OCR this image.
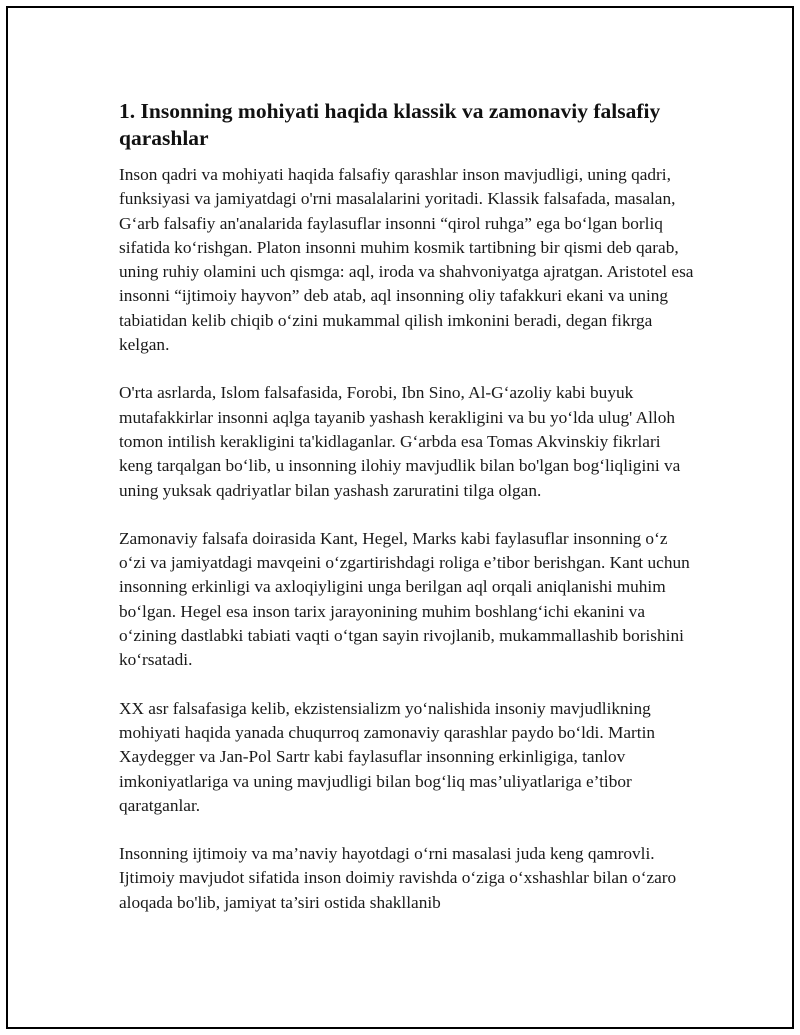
1. Insonning mohiyati haqida klassik va zamonaviy falsafiy qarashlar

Inson qadri va mohiyati haqida falsafiy qarashlar inson mavjudligi, uning qadri, funksiyasi va jamiyatdagi o'rni masalalarini yoritadi. Klassik falsafada, masalan, G‘arb falsafiy an'analarida faylasuflar insonni “qirol ruhga” ega bo‘lgan borliq sifatida ko‘rishgan. Platon insonni muhim kosmik tartibning bir qismi deb qarab, uning ruhiy olamini uch qismga: aql, iroda va shahvoniyatga ajratgan. Aristotel esa insonni “ijtimoiy hayvon” deb atab, aql insonning oliy tafakkuri ekani va uning tabiatidan kelib chiqib o‘zini mukammal qilish imkonini beradi, degan fikrga kelgan.

O'rta asrlarda, Islom falsafasida, Forobi, Ibn Sino, Al-G‘azoliy kabi buyuk mutafakkirlar insonni aqlga tayanib yashash kerakligini va bu yo‘lda ulug' Alloh tomon intilish kerakligini ta'kidlaganlar. G‘arbda esa Tomas Akvinskiy fikrlari keng tarqalgan bo‘lib, u insonning ilohiy mavjudlik bilan bo'lgan bog‘liqligini va uning yuksak qadriyatlar bilan yashash zaruratini tilga olgan.

Zamonaviy falsafa doirasida Kant, Hegel, Marks kabi faylasuflar insonning o‘z o‘zi va jamiyatdagi mavqeini o‘zgartirishdagi roliga e’tibor berishgan. Kant uchun insonning erkinligi va axloqiyligini unga berilgan aql orqali aniqlanishi muhim bo‘lgan. Hegel esa inson tarix jarayonining muhim boshlang‘ichi ekanini va o‘zining dastlabki tabiati vaqti o‘tgan sayin rivojlanib, mukammallashib borishini ko‘rsatadi.

XX asr falsafasiga kelib, ekzistensializm yo‘nalishida insoniy mavjudlikning mohiyati haqida yanada chuqurroq zamonaviy qarashlar paydo bo‘ldi. Martin Xaydegger va Jan-Pol Sartr kabi faylasuflar insonning erkinligiga, tanlov imkoniyatlariga va uning mavjudligi bilan bog‘liq mas’uliyatlariga e’tibor qaratganlar.

Insonning ijtimoiy va ma’naviy hayotdagi o‘rni masalasi juda keng qamrovli. Ijtimoiy mavjudot sifatida inson doimiy ravishda o‘ziga o‘xshashlar bilan o‘zaro aloqada bo'lib, jamiyat ta’siri ostida shakllanib
